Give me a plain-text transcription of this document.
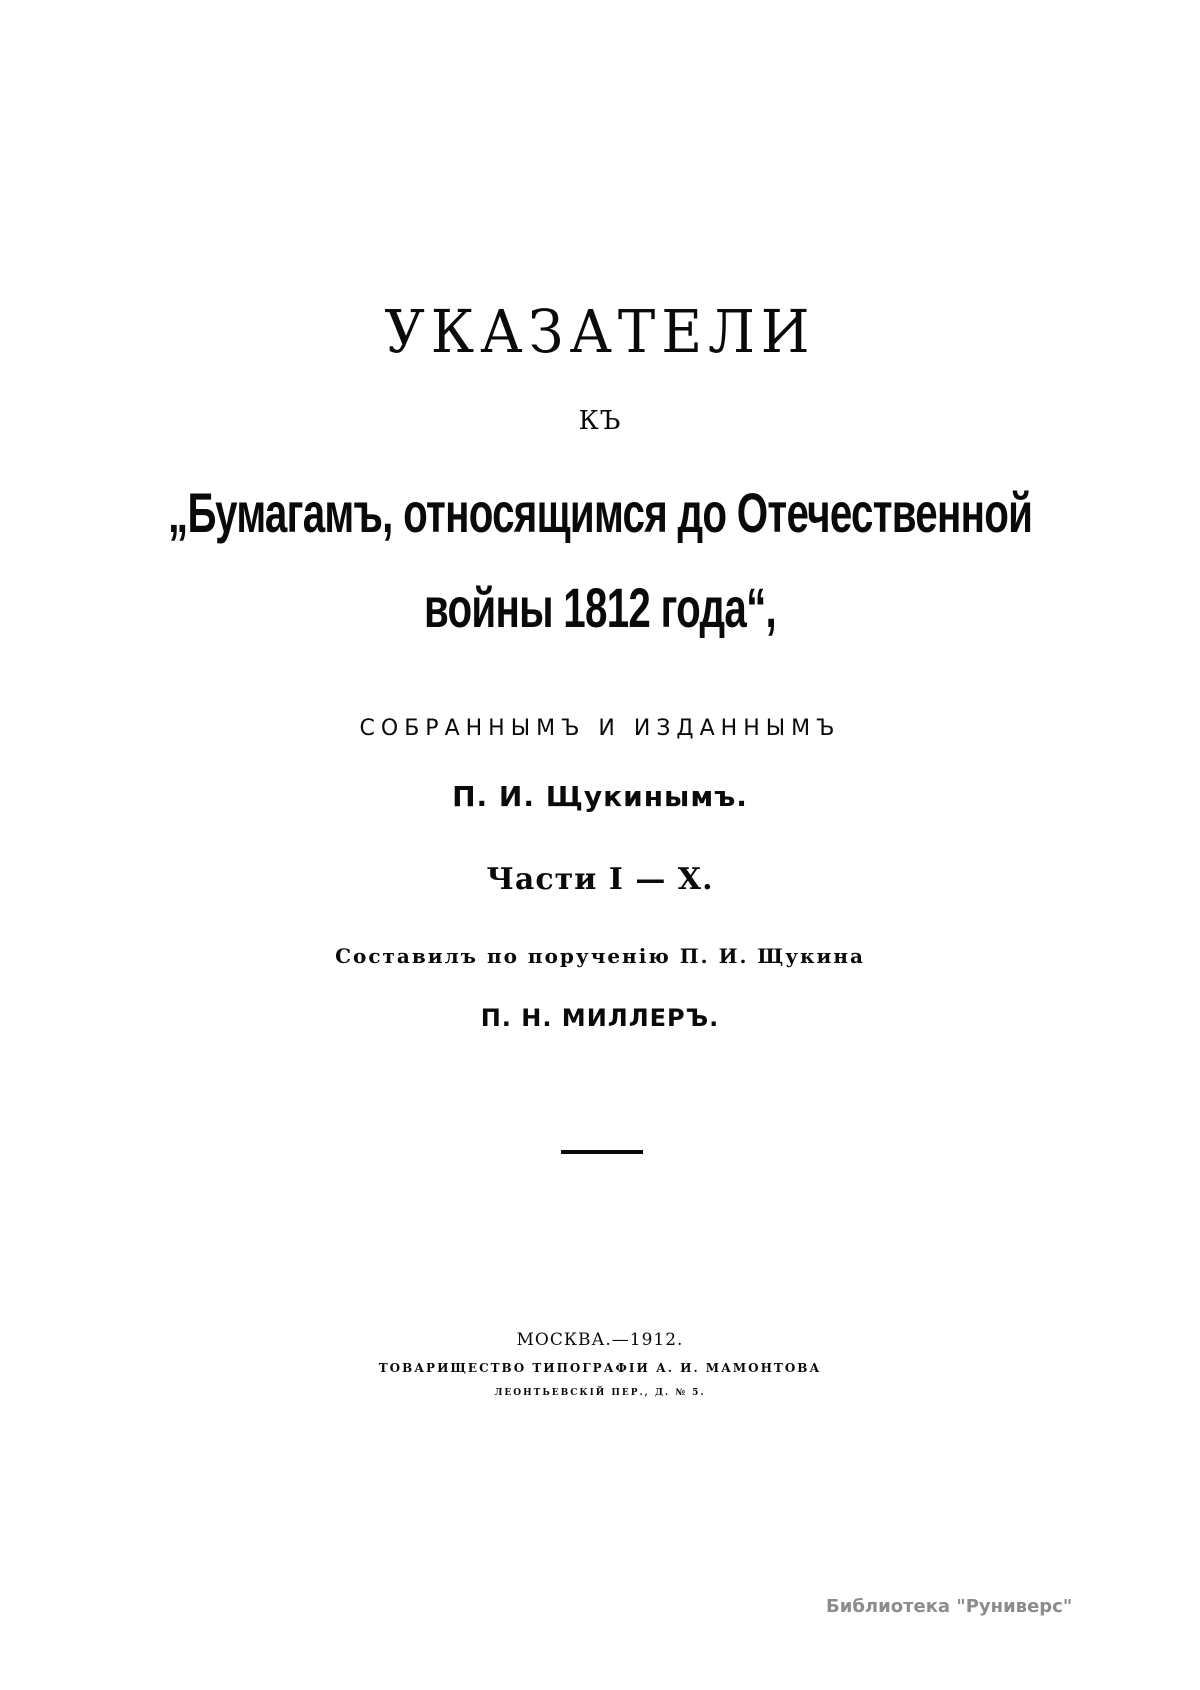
УКАЗАТЕЛИ
КЪ
„Бумагамъ, относящимся до Отечественной
войны 1812 года“,
СОБРАННЫМЪ И ИЗДАННЫМЪ
П. И. Щукинымъ.
Части I — X.
Составилъ по порученію П. И. Щукина
П. Н. МИЛЛЕРЪ.
МОСКВА.—1912.
ТОВАРИЩЕСТВО ТИПОГРАФІИ А. И. МАМОНТОВА
ЛЕОНТЬЕВСКІЙ ПЕР., Д. № 5.
Библиотека "Руниверс"
